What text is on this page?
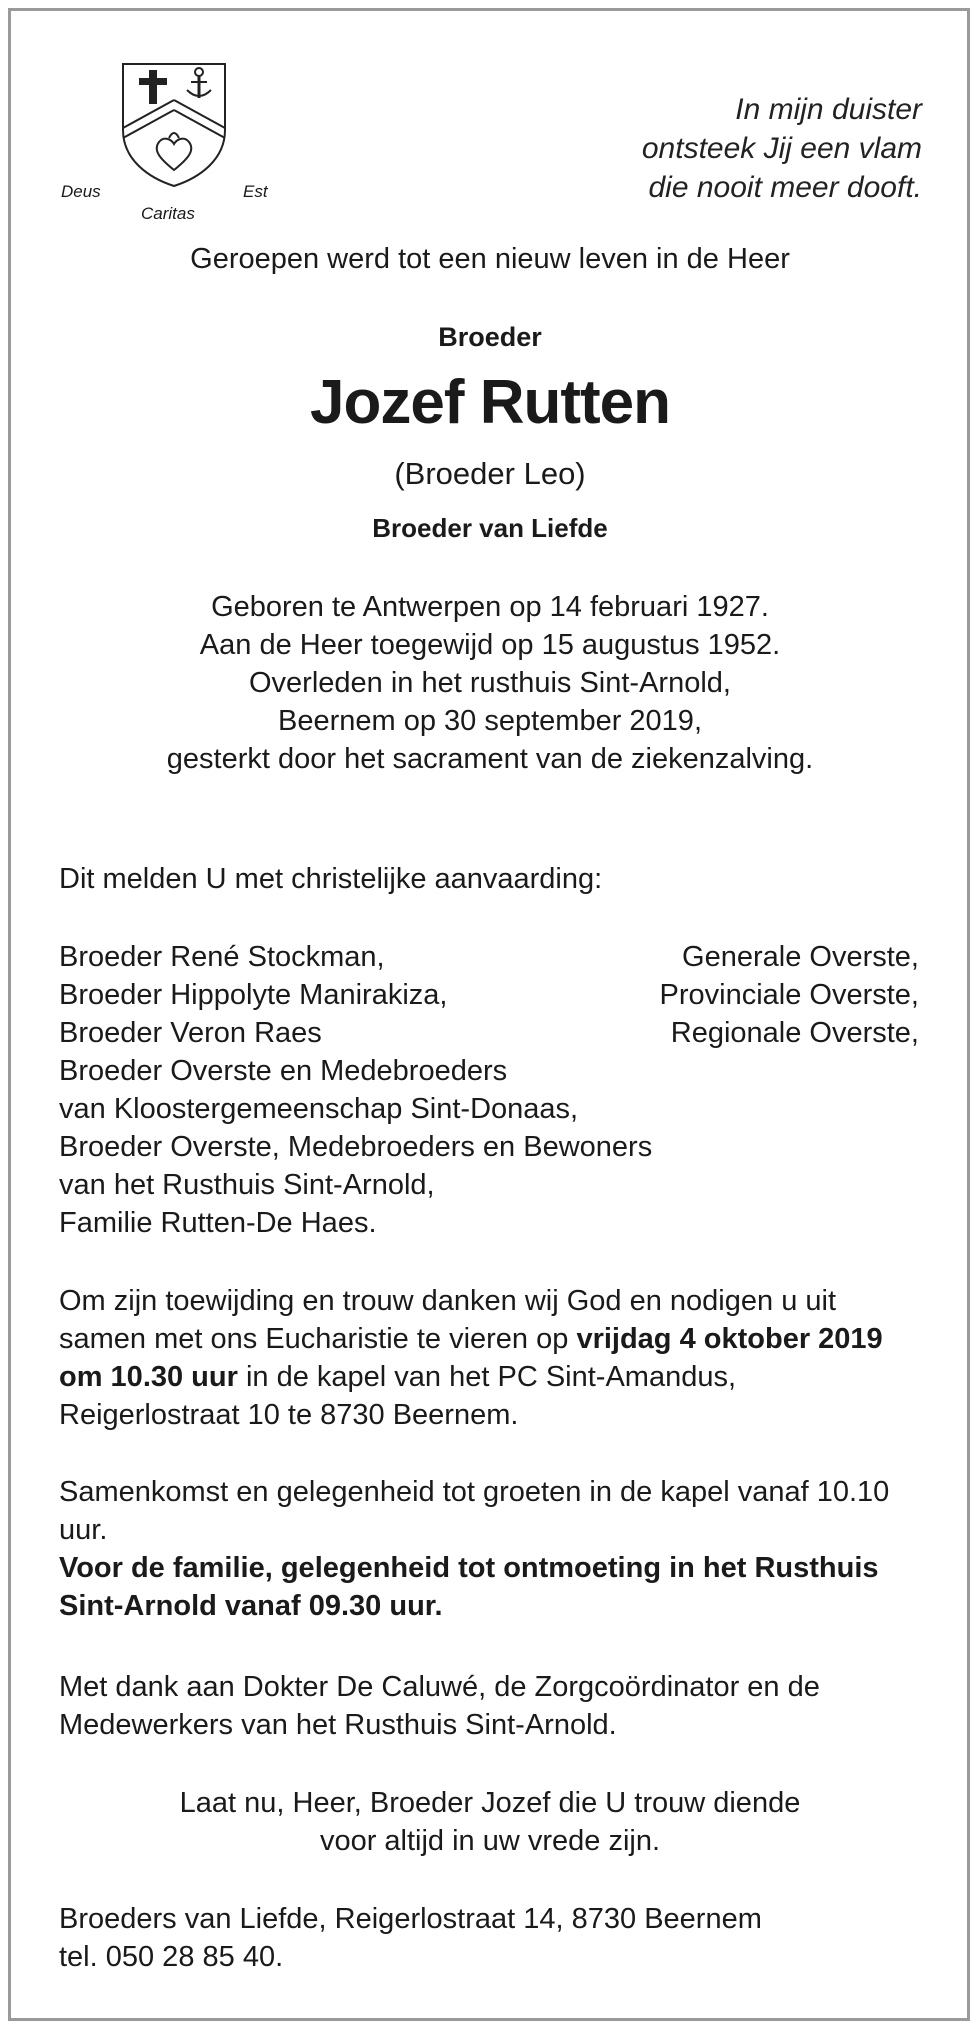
Deus
Caritas
Est
In mijn duister
ontsteek Jij een vlam
die nooit meer dooft.
Geroepen werd tot een nieuw leven in de Heer
Broeder
Jozef Rutten
(Broeder Leo)
Broeder van Liefde
Geboren te Antwerpen op 14 februari 1927.
Aan de Heer toegewijd op 15 augustus 1952.
Overleden in het rusthuis Sint-Arnold,
Beernem op 30 september 2019,
gesterkt door het sacrament van de ziekenzalving.
Dit melden U met christelijke aanvaarding:
Broeder René Stockman,	Generale Overste,
Broeder Hippolyte Manirakiza,	Provinciale Overste,
Broeder Veron Raes	Regionale Overste,
Broeder Overste en Medebroeders
van Kloostergemeenschap Sint-Donaas,
Broeder Overste, Medebroeders en Bewoners
van het Rusthuis Sint-Arnold,
Familie Rutten-De Haes.
Om zijn toewijding en trouw danken wij God en nodigen u uit samen met ons Eucharistie te vieren op vrijdag 4 oktober 2019 om 10.30 uur in de kapel van het PC Sint-Amandus, Reigerlostraat 10 te 8730 Beernem.
Samenkomst en gelegenheid tot groeten in de kapel vanaf 10.10 uur.
Voor de familie, gelegenheid tot ontmoeting in het Rusthuis Sint-Arnold vanaf 09.30 uur.
Met dank aan Dokter De Caluwé, de Zorgcoördinator en de Medewerkers van het Rusthuis Sint-Arnold.
Laat nu, Heer, Broeder Jozef die U trouw diende
voor altijd in uw vrede zijn.
Broeders van Liefde, Reigerlostraat 14, 8730 Beernem
tel. 050 28 85 40.
